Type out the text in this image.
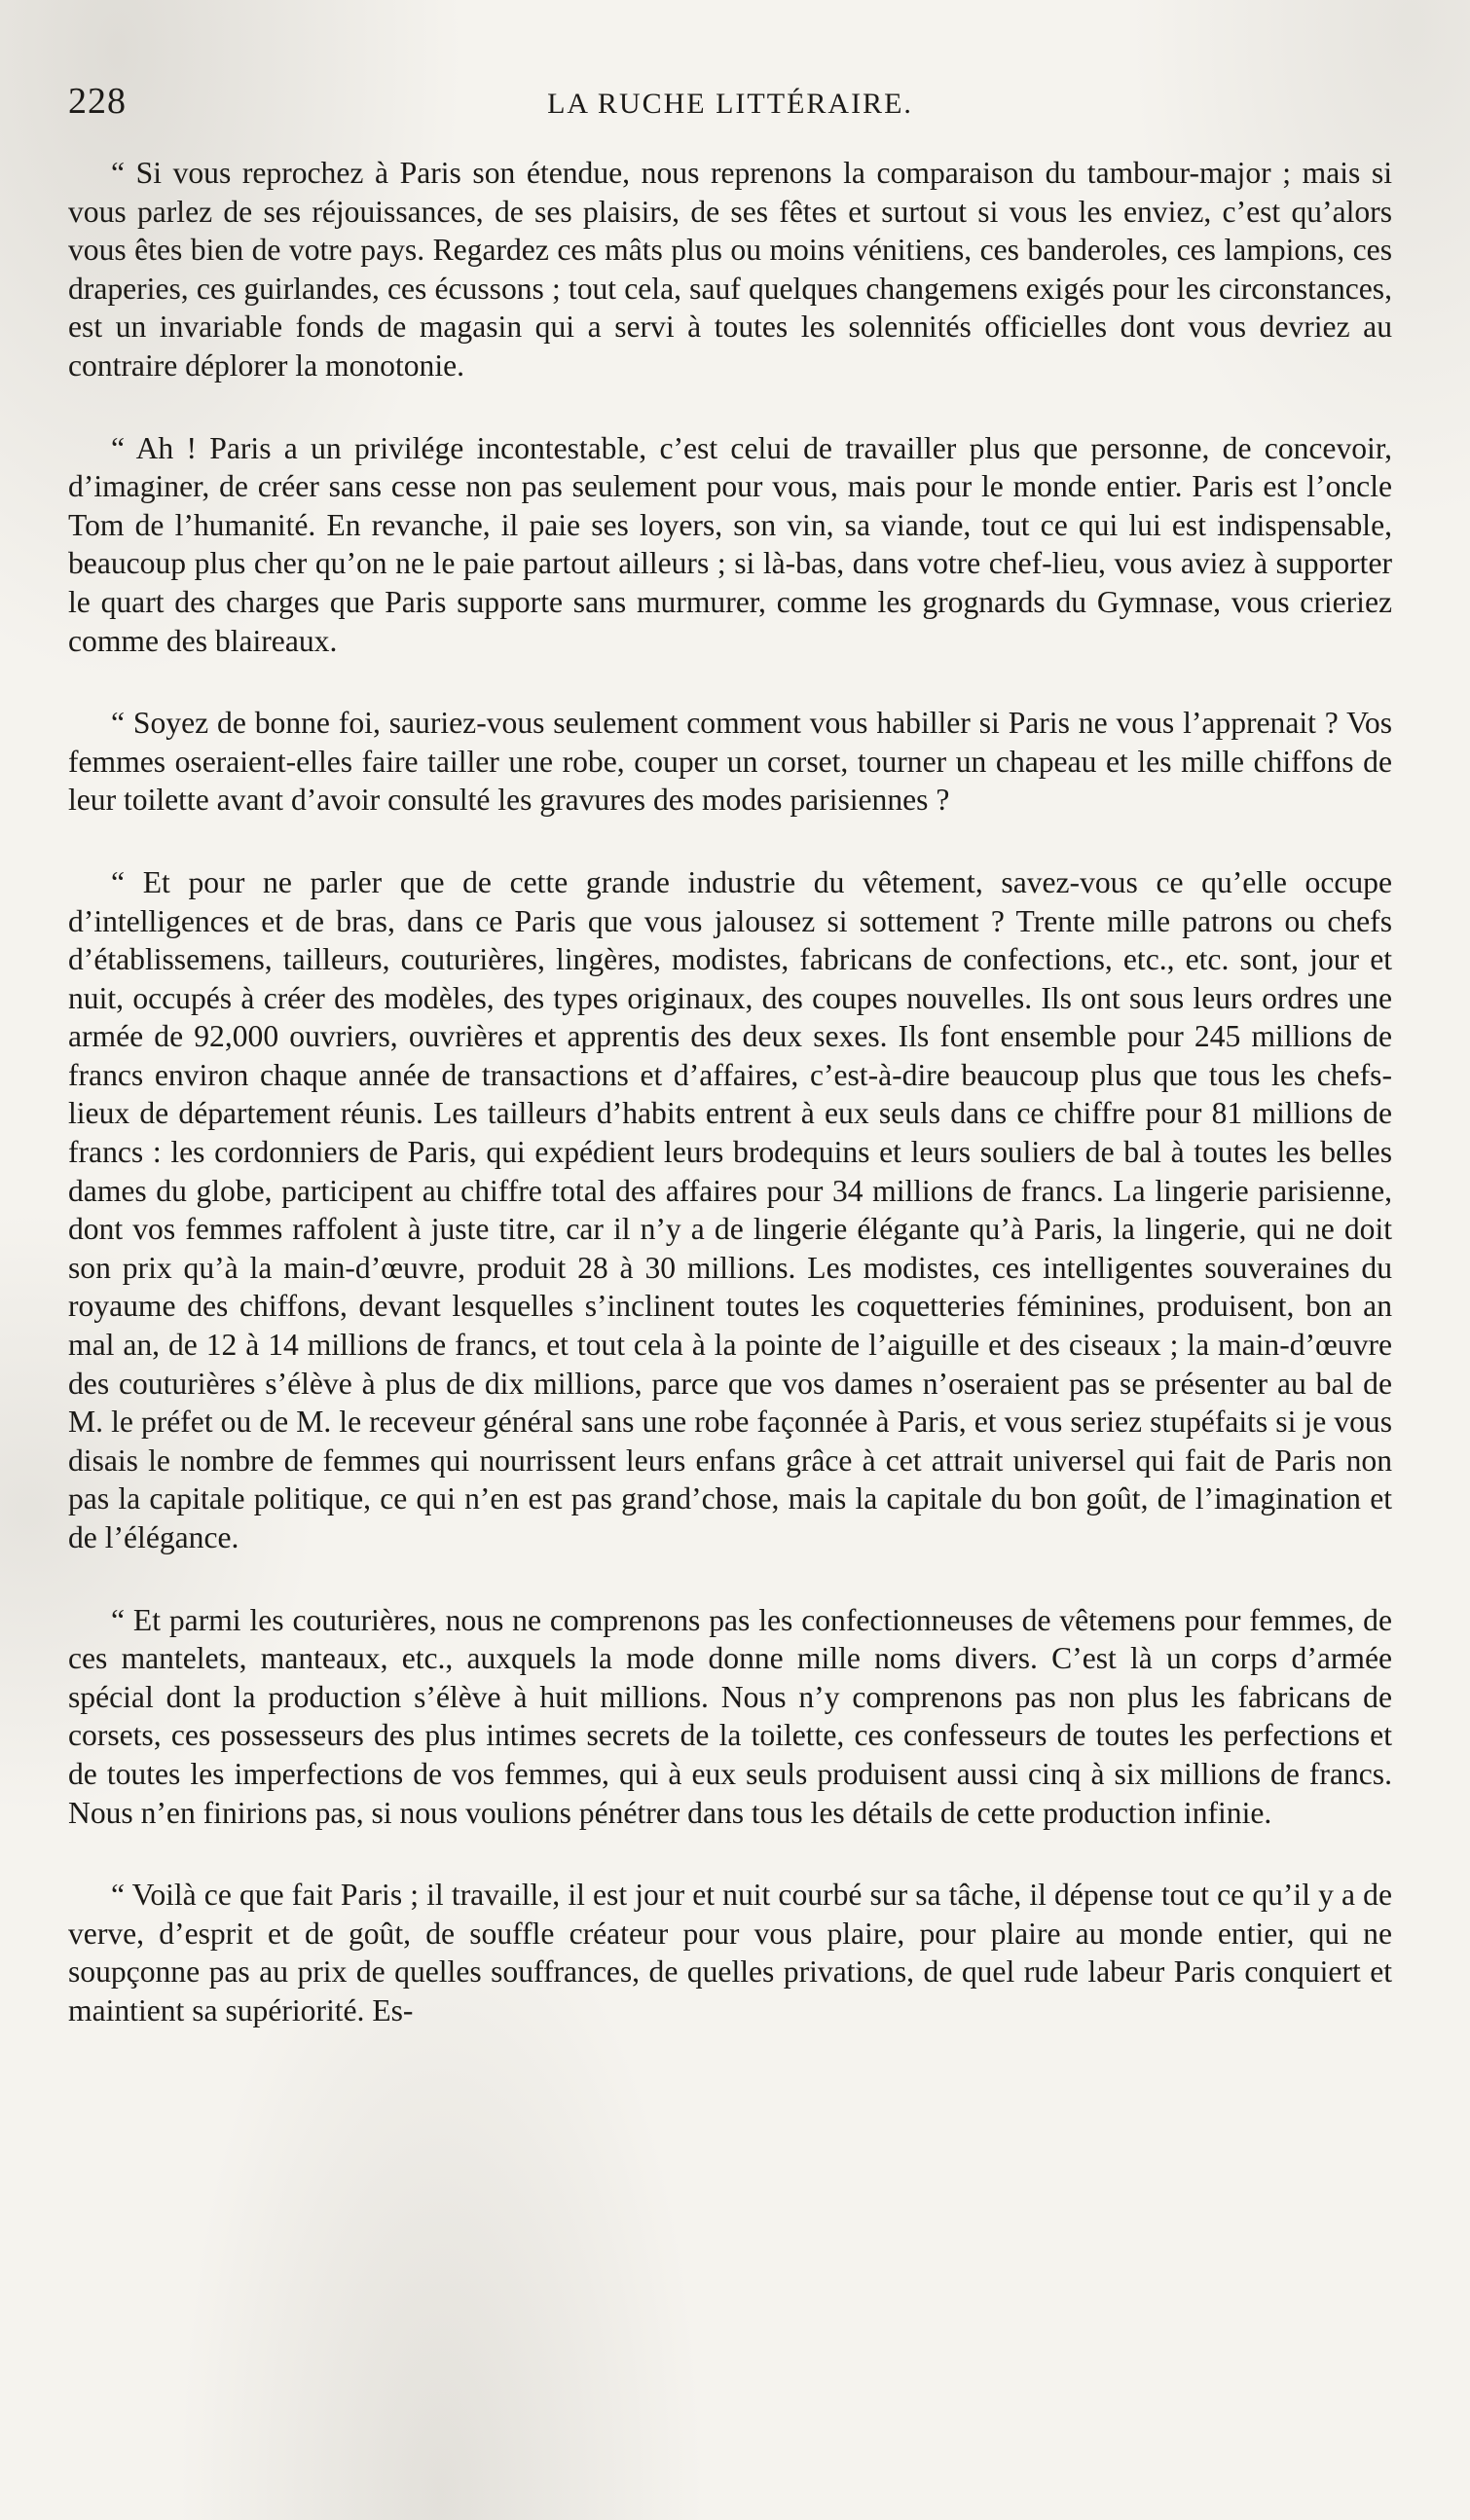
228	LA RUCHE LITTÉRAIRE.

“ Si vous reprochez à Paris son étendue, nous reprenons la comparaison du tambour-major ; mais si vous parlez de ses réjouissances, de ses plaisirs, de ses fêtes et surtout si vous les enviez, c’est qu’alors vous êtes bien de votre pays. Regardez ces mâts plus ou moins vénitiens, ces banderoles, ces lampions, ces draperies, ces guirlandes, ces écussons ; tout cela, sauf quelques changemens exigés pour les circonstances, est un invariable fonds de magasin qui a servi à toutes les solennités officielles dont vous devriez au contraire déplorer la monotonie.

“ Ah ! Paris a un privilége incontestable, c’est celui de travailler plus que personne, de concevoir, d’imaginer, de créer sans cesse non pas seulement pour vous, mais pour le monde entier. Paris est l’oncle Tom de l’humanité. En revanche, il paie ses loyers, son vin, sa viande, tout ce qui lui est indispensable, beaucoup plus cher qu’on ne le paie partout ailleurs ; si là-bas, dans votre chef-lieu, vous aviez à supporter le quart des charges que Paris supporte sans murmurer, comme les grognards du Gymnase, vous crieriez comme des blaireaux.

“ Soyez de bonne foi, sauriez-vous seulement comment vous habiller si Paris ne vous l’apprenait ? Vos femmes oseraient-elles faire tailler une robe, couper un corset, tourner un chapeau et les mille chiffons de leur toilette avant d’avoir consulté les gravures des modes parisiennes ?

“ Et pour ne parler que de cette grande industrie du vêtement, savez-vous ce qu’elle occupe d’intelligences et de bras, dans ce Paris que vous jalousez si sottement ? Trente mille patrons ou chefs d’établissemens, tailleurs, couturières, lingères, modistes, fabricans de confections, etc., etc. sont, jour et nuit, occupés à créer des modèles, des types originaux, des coupes nouvelles. Ils ont sous leurs ordres une armée de 92,000 ouvriers, ouvrières et apprentis des deux sexes. Ils font ensemble pour 245 millions de francs environ chaque année de transactions et d’affaires, c’est-à-dire beaucoup plus que tous les chefs-lieux de département réunis. Les tailleurs d’habits entrent à eux seuls dans ce chiffre pour 81 millions de francs : les cordonniers de Paris, qui expédient leurs brodequins et leurs souliers de bal à toutes les belles dames du globe, participent au chiffre total des affaires pour 34 millions de francs. La lingerie parisienne, dont vos femmes raffolent à juste titre, car il n’y a de lingerie élégante qu’à Paris, la lingerie, qui ne doit son prix qu’à la main-d’œuvre, produit 28 à 30 millions. Les modistes, ces intelligentes souveraines du royaume des chiffons, devant lesquelles s’inclinent toutes les coquetteries féminines, produisent, bon an mal an, de 12 à 14 millions de francs, et tout cela à la pointe de l’aiguille et des ciseaux ; la main-d’œuvre des couturières s’élève à plus de dix millions, parce que vos dames n’oseraient pas se présenter au bal de M. le préfet ou de M. le receveur général sans une robe façonnée à Paris, et vous seriez stupéfaits si je vous disais le nombre de femmes qui nourrissent leurs enfans grâce à cet attrait universel qui fait de Paris non pas la capitale politique, ce qui n’en est pas grand’chose, mais la capitale du bon goût, de l’imagination et de l’élégance.

“ Et parmi les couturières, nous ne comprenons pas les confectionneuses de vêtemens pour femmes, de ces mantelets, manteaux, etc., auxquels la mode donne mille noms divers. C’est là un corps d’armée spécial dont la production s’élève à huit millions. Nous n’y comprenons pas non plus les fabricans de corsets, ces possesseurs des plus intimes secrets de la toilette, ces confesseurs de toutes les perfections et de toutes les imperfections de vos femmes, qui à eux seuls produisent aussi cinq à six millions de francs. Nous n’en finirions pas, si nous voulions pénétrer dans tous les détails de cette production infinie.

“ Voilà ce que fait Paris ; il travaille, il est jour et nuit courbé sur sa tâche, il dépense tout ce qu’il y a de verve, d’esprit et de goût, de souffle créateur pour vous plaire, pour plaire au monde entier, qui ne soupçonne pas au prix de quelles souffrances, de quelles privations, de quel rude labeur Paris conquiert et maintient sa supériorité. Es-
